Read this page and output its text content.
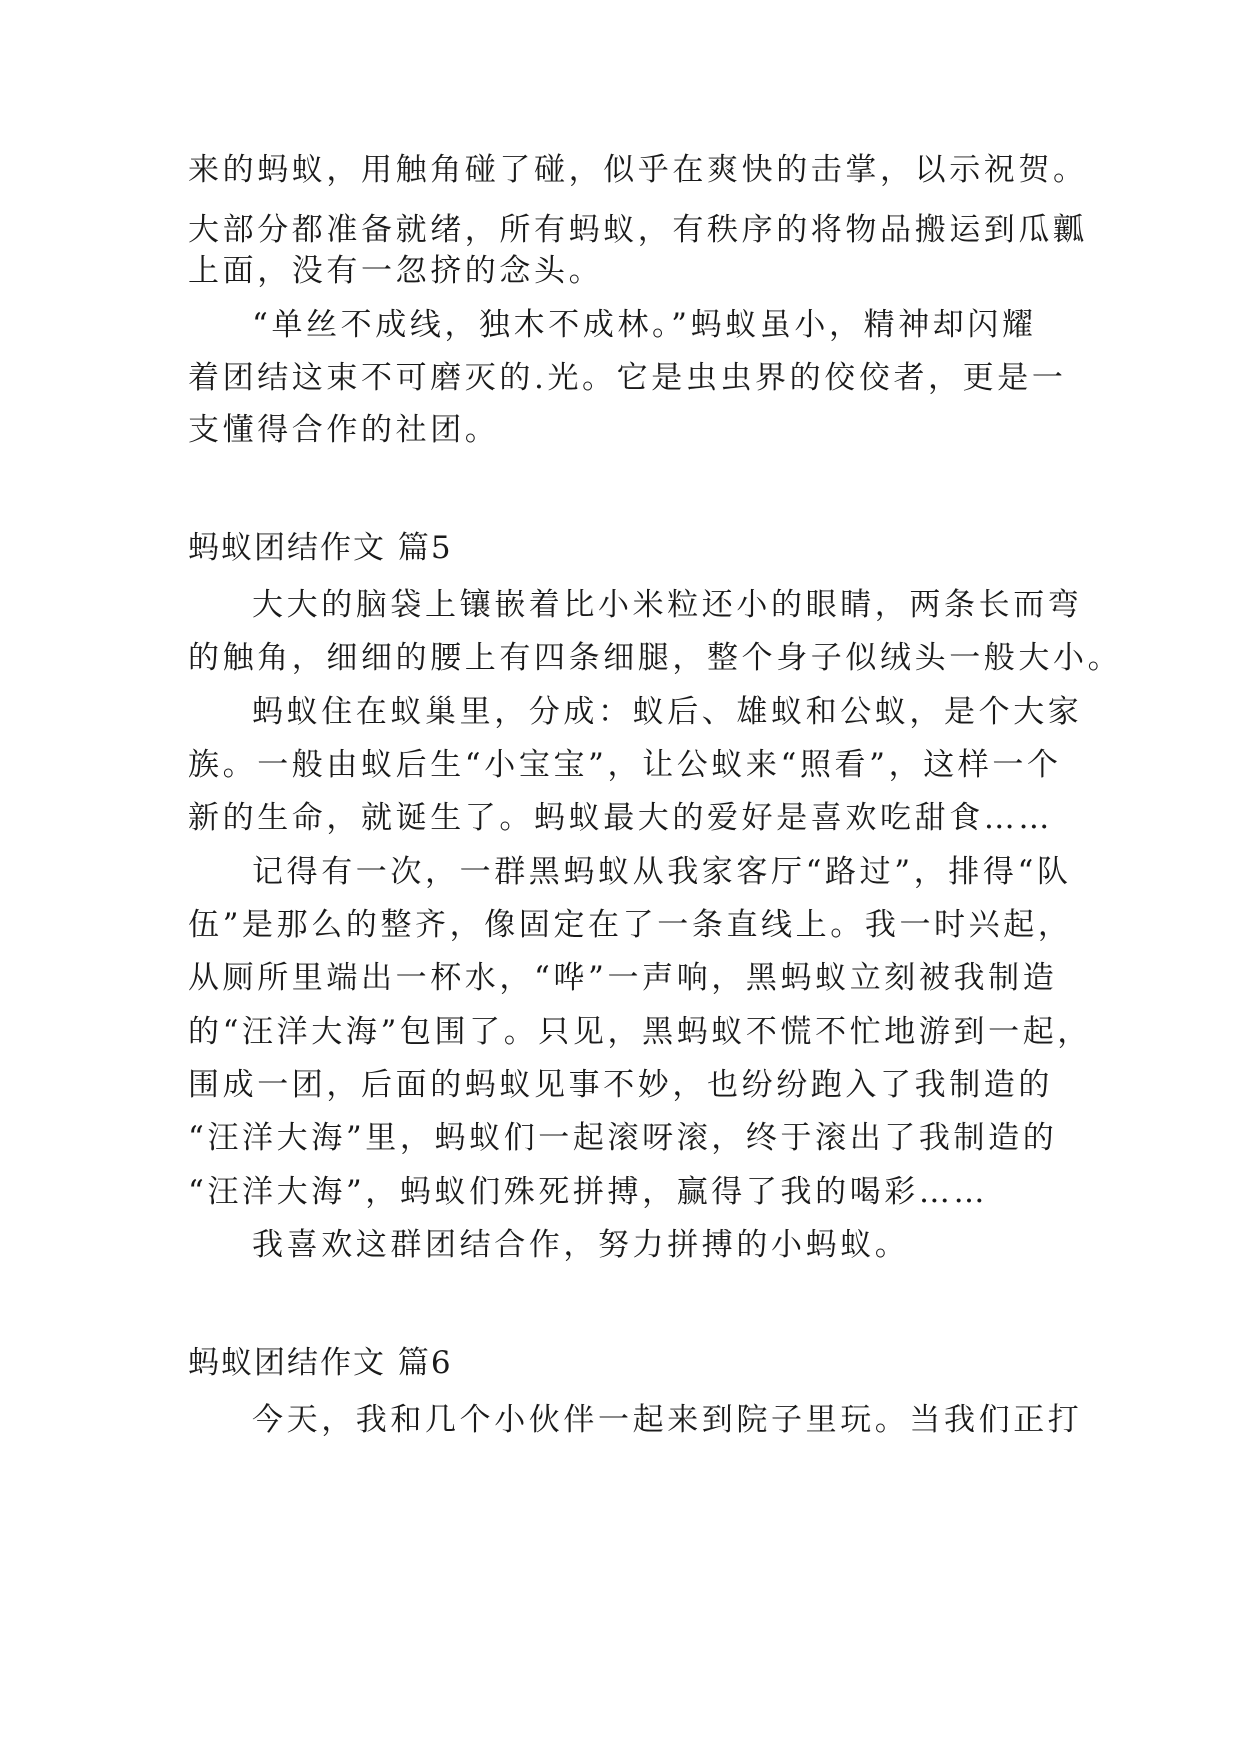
来的蚂蚁，用触角碰了碰，似乎在爽快的击掌，以示祝贺。
大部分都准备就绪，所有蚂蚁，有秩序的将物品搬运到瓜瓤
上面，没有一忽挤的念头。
“单丝不成线，独木不成林。”蚂蚁虽小，精神却闪耀
着团结这束不可磨灭的.光。它是虫虫界的佼佼者，更是一
支懂得合作的社团。
蚂蚁团结作文 篇5
大大的脑袋上镶嵌着比小米粒还小的眼睛，两条长而弯
的触角，细细的腰上有四条细腿，整个身子似绒头一般大小。
蚂蚁住在蚁巢里，分成：蚁后、雄蚁和公蚁，是个大家
族。一般由蚁后生“小宝宝”，让公蚁来“照看”，这样一个
新的生命，就诞生了。蚂蚁最大的爱好是喜欢吃甜食……
记得有一次，一群黑蚂蚁从我家客厅“路过”，排得“队
伍”是那么的整齐，像固定在了一条直线上。我一时兴起，
从厕所里端出一杯水，“哗”一声响，黑蚂蚁立刻被我制造
的“汪洋大海”包围了。只见，黑蚂蚁不慌不忙地游到一起，
围成一团，后面的蚂蚁见事不妙，也纷纷跑入了我制造的
“汪洋大海”里，蚂蚁们一起滚呀滚，终于滚出了我制造的
“汪洋大海”，蚂蚁们殊死拼搏，赢得了我的喝彩……
我喜欢这群团结合作，努力拼搏的小蚂蚁。
蚂蚁团结作文 篇6
今天，我和几个小伙伴一起来到院子里玩。当我们正打
